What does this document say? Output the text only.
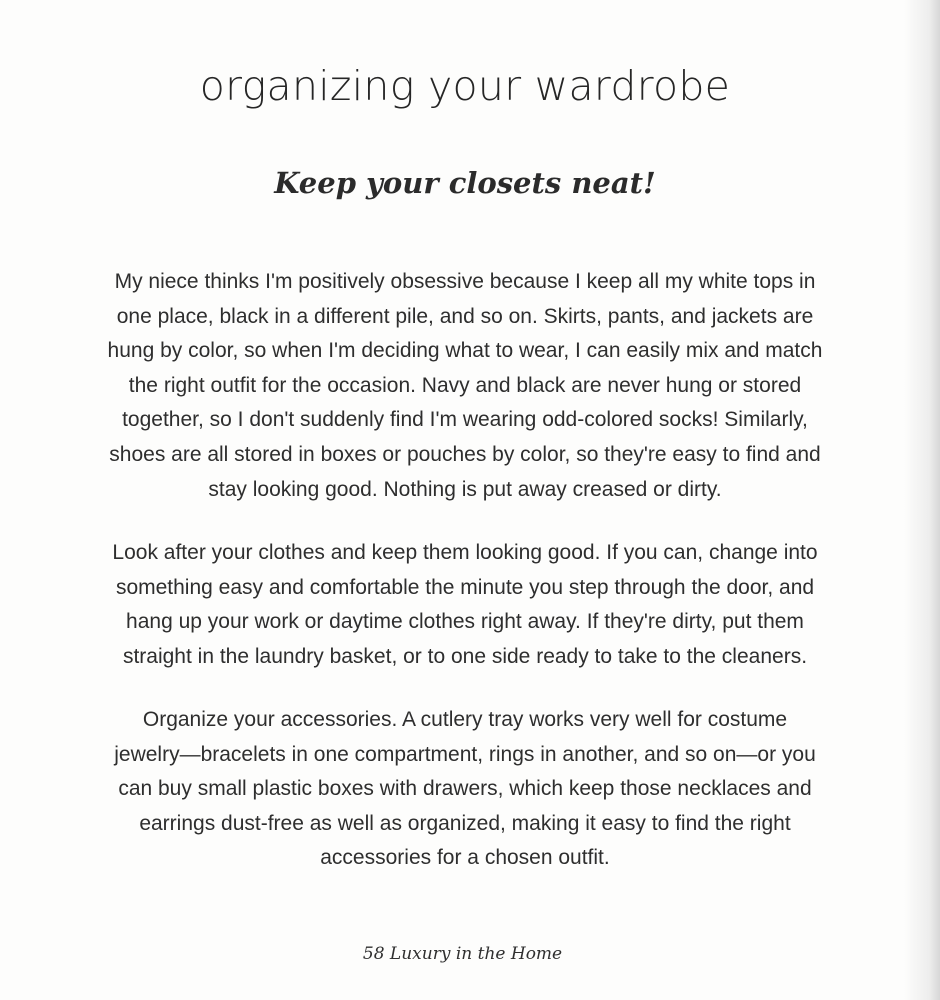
organizing your wardrobe
Keep your closets neat!

My niece thinks I'm positively obsessive because I keep all my white tops in
one place, black in a different pile, and so on. Skirts, pants, and jackets are
hung by color, so when I'm deciding what to wear, I can easily mix and match
the right outfit for the occasion. Navy and black are never hung or stored
together, so I don't suddenly find I'm wearing odd-colored socks! Similarly,
shoes are all stored in boxes or pouches by color, so they're easy to find and
stay looking good. Nothing is put away creased or dirty.

Look after your clothes and keep them looking good. If you can, change into
something easy and comfortable the minute you step through the door, and
hang up your work or daytime clothes right away. If they're dirty, put them
straight in the laundry basket, or to one side ready to take to the cleaners.

Organize your accessories. A cutlery tray works very well for costume
jewelry—bracelets in one compartment, rings in another, and so on—or you
can buy small plastic boxes with drawers, which keep those necklaces and
earrings dust-free as well as organized, making it easy to find the right
accessories for a chosen outfit.

58 Luxury in the Home
